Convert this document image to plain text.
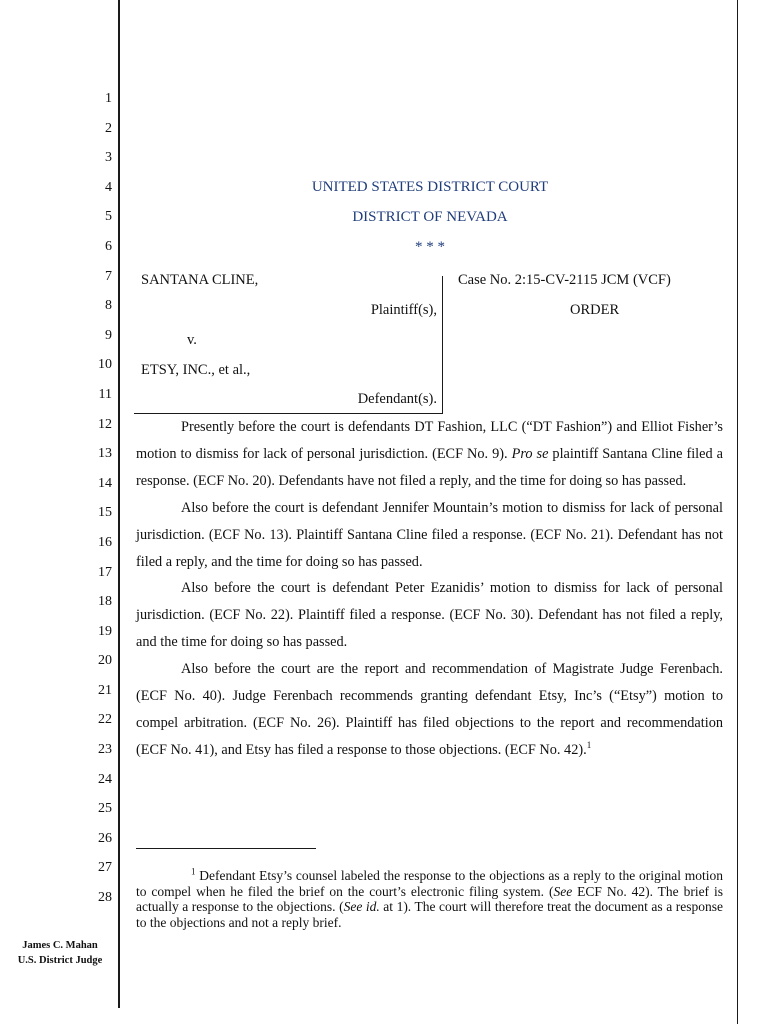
1
2
3
4
5
6
7
8
9
10
11
12
13
14
15
16
17
18
19
20
21
22
23
24
25
26
27
28
James C. Mahan
U.S. District Judge
UNITED STATES DISTRICT COURT
DISTRICT OF NEVADA
* * *
SANTANA CLINE,
Plaintiff(s),
v.
ETSY, INC., et al.,
Defendant(s).
Case No. 2:15-CV-2115 JCM (VCF)
ORDER

Presently before the court is defendants DT Fashion, LLC (“DT Fashion”) and Elliot Fisher’s motion to dismiss for lack of personal jurisdiction. (ECF No. 9). Pro se plaintiff Santana Cline filed a response. (ECF No. 20). Defendants have not filed a reply, and the time for doing so has passed.

Also before the court is defendant Jennifer Mountain’s motion to dismiss for lack of personal jurisdiction. (ECF No. 13). Plaintiff Santana Cline filed a response. (ECF No. 21). Defendant has not filed a reply, and the time for doing so has passed.

Also before the court is defendant Peter Ezanidis’ motion to dismiss for lack of personal jurisdiction. (ECF No. 22). Plaintiff filed a response. (ECF No. 30). Defendant has not filed a reply, and the time for doing so has passed.

Also before the court are the report and recommendation of Magistrate Judge Ferenbach. (ECF No. 40). Judge Ferenbach recommends granting defendant Etsy, Inc’s (“Etsy”) motion to compel arbitration. (ECF No. 26). Plaintiff has filed objections to the report and recommendation (ECF No. 41), and Etsy has filed a response to those objections. (ECF No. 42).$^1$

$^1$ Defendant Etsy’s counsel labeled the response to the objections as a reply to the original motion to compel when he filed the brief on the court’s electronic filing system. (See ECF No. 42). The brief is actually a response to the objections. (See id. at 1). The court will therefore treat the document as a response to the objections and not a reply brief.
